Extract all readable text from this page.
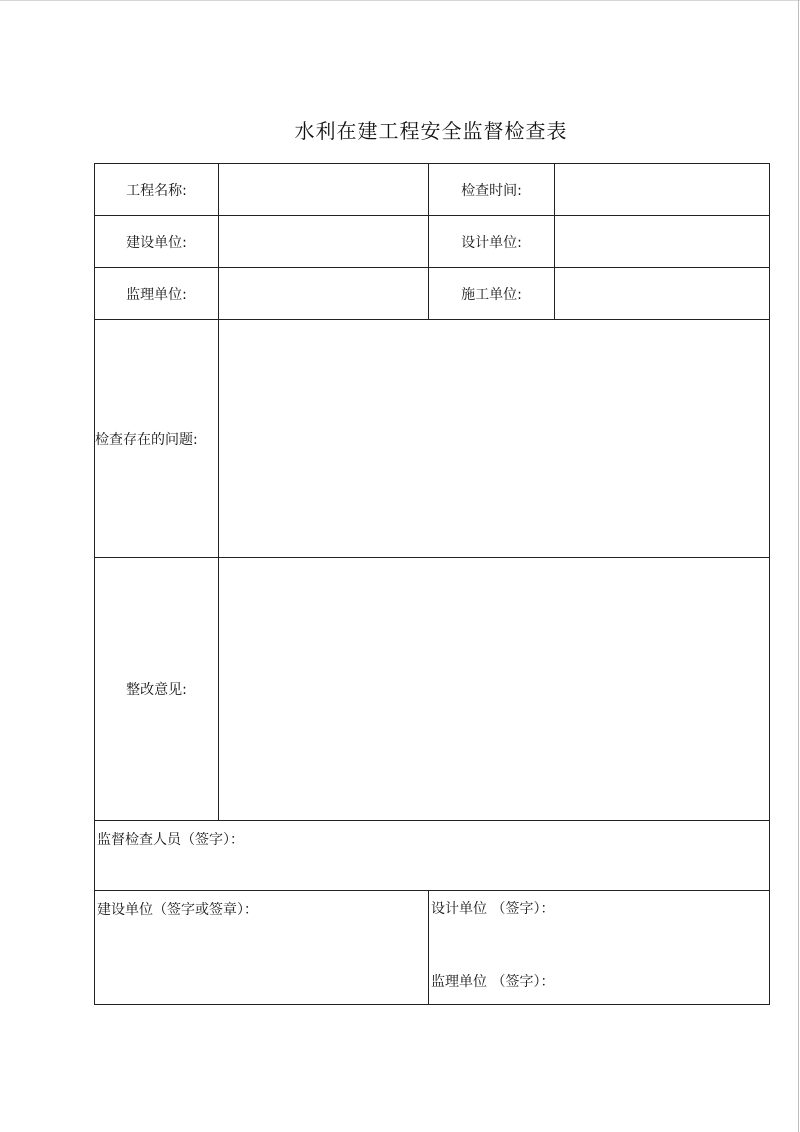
水利在建工程安全监督检查表
工程名称:		检查时间:	
建设单位:		设计单位:	
监理单位:		施工单位:	
检查存在的问题:			
整改意见:			
监督检查人员（签字）：			
建设单位（签字或签章）：		设计单位 （签字）：
监理单位 （签字）：	
